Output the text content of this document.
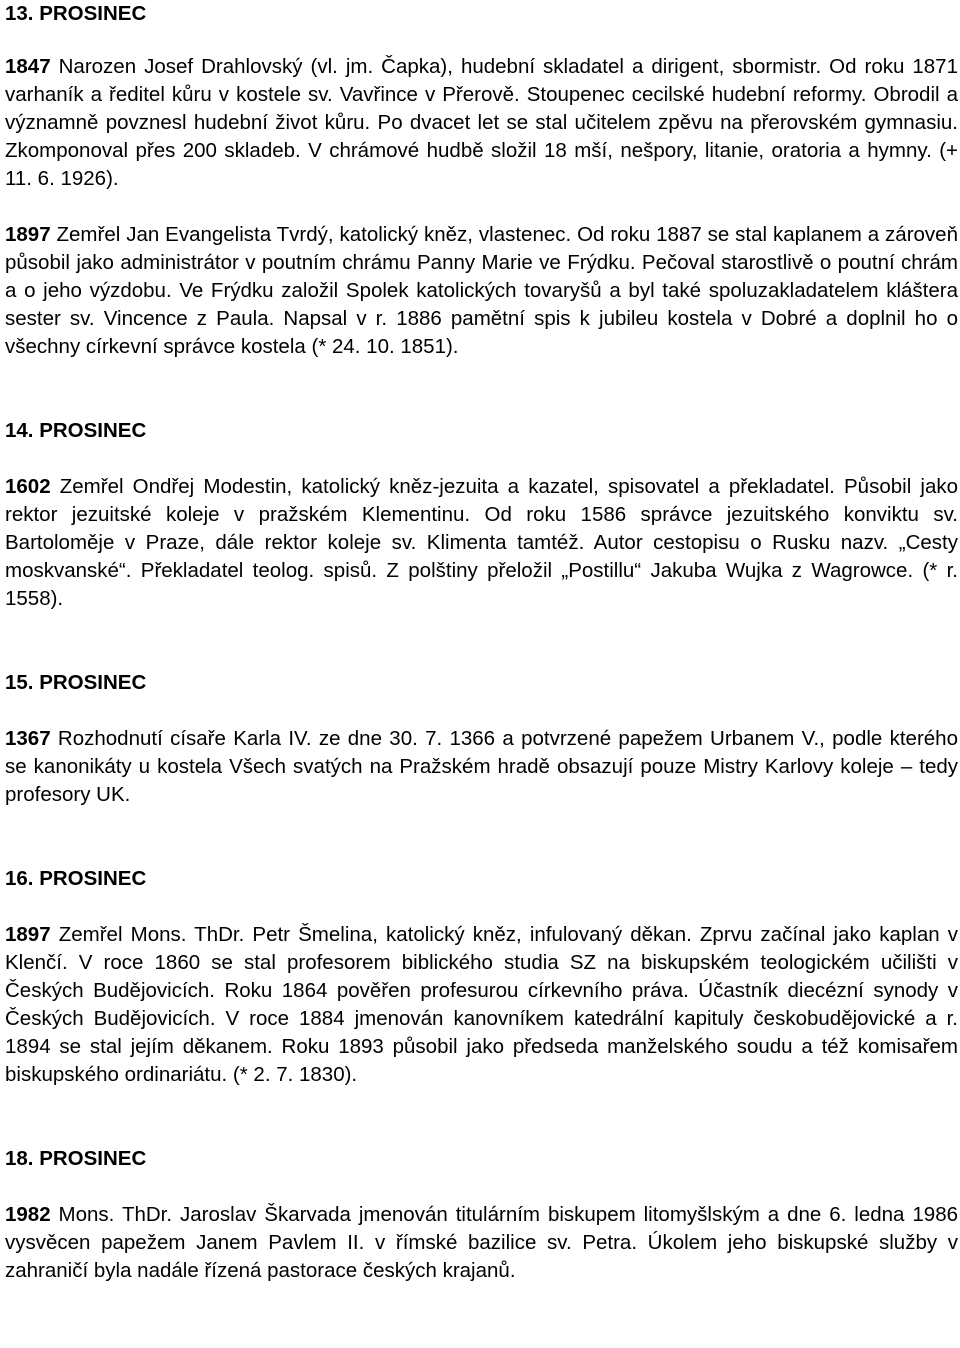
13. PROSINEC

1847 Narozen Josef Drahlovský (vl. jm. Čapka), hudební skladatel a dirigent, sbormistr. Od roku 1871 varhaník a ředitel kůru v kostele sv. Vavřince v Přerově. Stoupenec cecilské hudební reformy. Obrodil a významně povznesl hudební život kůru. Po dvacet let se stal učitelem zpěvu na přerovském gymnasiu. Zkomponoval přes 200 skladeb. V chrámové hudbě složil 18 mší, nešpory, litanie, oratoria a hymny. (+ 11. 6. 1926).

1897 Zemřel Jan Evangelista Tvrdý, katolický kněz, vlastenec. Od roku 1887 se stal kaplanem a zároveň působil jako administrátor v poutním chrámu Panny Marie ve Frýdku. Pečoval starostlivě o poutní chrám a o jeho výzdobu. Ve Frýdku založil Spolek katolických tovaryšů a byl také spoluzakladatelem kláštera sester sv. Vincence z Paula. Napsal v r. 1886 pamětní spis k jubileu kostela v Dobré a doplnil ho o všechny církevní správce kostela (* 24. 10. 1851).

14. PROSINEC

1602 Zemřel Ondřej Modestin, katolický kněz-jezuita a kazatel, spisovatel a překladatel. Působil jako rektor jezuitské koleje v pražském Klementinu. Od roku 1586 správce jezuitského konviktu sv. Bartoloměje v Praze, dále rektor koleje sv. Klimenta tamtéž. Autor cestopisu o Rusku nazv. „Cesty moskvanské“. Překladatel teolog. spisů. Z polštiny přeložil „Postillu“ Jakuba Wujka z Wagrowce. (* r. 1558).

15. PROSINEC

1367 Rozhodnutí císaře Karla IV. ze dne 30. 7. 1366 a potvrzené papežem Urbanem V., podle kterého se kanonikáty u kostela Všech svatých na Pražském hradě obsazují pouze Mistry Karlovy koleje – tedy profesory UK.

16. PROSINEC

1897 Zemřel Mons. ThDr. Petr Šmelina, katolický kněz, infulovaný děkan. Zprvu začínal jako kaplan v Klenčí. V roce 1860 se stal profesorem biblického studia SZ na biskupském teologickém učilišti v Českých Budějovicích. Roku 1864 pověřen profesurou církevního práva. Účastník diecézní synody v Českých Budějovicích. V roce 1884 jmenován kanovníkem katedrální kapituly českobudějovické a r. 1894 se stal jejím děkanem. Roku 1893 působil jako předseda manželského soudu a též komisařem biskupského ordinariátu. (* 2. 7. 1830).

18. PROSINEC

1982 Mons. ThDr. Jaroslav Škarvada jmenován titulárním biskupem litomyšlským a dne 6. ledna 1986 vysvěcen papežem Janem Pavlem II. v římské bazilice sv. Petra. Úkolem jeho biskupské služby v zahraničí byla nadále řízená pastorace českých krajanů.
